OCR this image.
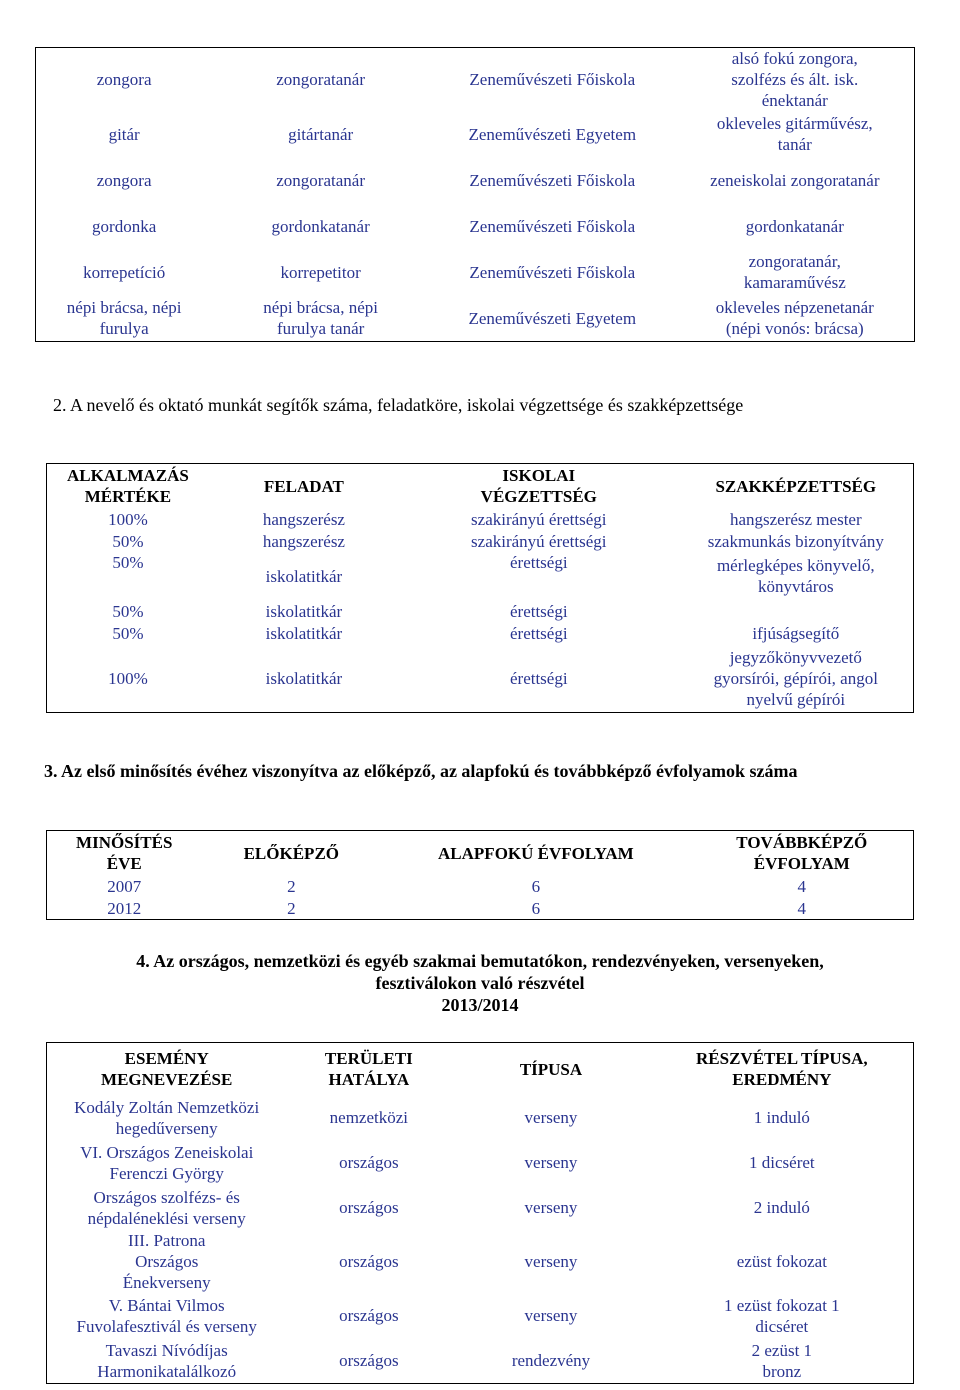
zongora	zongoratanár	Zeneművészeti Főiskola	alsó fokú zongora, szolfézs és ált. isk. énektanár
gitár	gitártanár	Zeneművészeti Egyetem	okleveles gitárművész, tanár
zongora	zongoratanár	Zeneművészeti Főiskola	zeneiskolai zongoratanár
gordonka	gordonkatanár	Zeneművészeti Főiskola	gordonkatanár
korrepetíció	korrepetitor	Zeneművészeti Főiskola	zongoratanár, kamaraművész
népi brácsa, népi furulya	népi brácsa, népi furulya tanár	Zeneművészeti Egyetem	okleveles népzenetanár (népi vonós: brácsa)
2. A nevelő és oktató munkát segítők száma, feladatköre, iskolai végzettsége és szakképzettsége
ALKALMAZÁS MÉRTÉKE	FELADAT	ISKOLAI VÉGZETTSÉG	SZAKKÉPZETTSÉG
100%	hangszerész	szakirányú érettségi	hangszerész mester
50%	hangszerész	szakirányú érettségi	szakmunkás bizonyítvány
50%	iskolatitkár	érettségi	mérlegképes könyvelő, könyvtáros
50%	iskolatitkár	érettségi	
50%	iskolatitkár	érettségi	ifjúságsegítő
100%	iskolatitkár	érettségi	jegyzőkönyvvezető gyorsírói, gépírói, angol nyelvű gépírói
3. Az első minősítés évéhez viszonyítva az előképző, az alapfokú és továbbképző évfolyamok száma
MINŐSÍTÉS ÉVE	ELŐKÉPZŐ	ALAPFOKÚ ÉVFOLYAM	TOVÁBBKÉPZŐ ÉVFOLYAM
2007	2	6	4
2012	2	6	4
4. Az országos, nemzetközi és egyéb szakmai bemutatókon, rendezvényeken, versenyeken,
fesztiválokon való részvétel
2013/2014
ESEMÉNY MEGNEVEZÉSE	TERÜLETI HATÁLYA	TÍPUSA	RÉSZVÉTEL TÍPUSA, EREDMÉNY
Kodály Zoltán Nemzetközi hegedűverseny	nemzetközi	verseny	1 induló
VI. Országos Zeneiskolai Ferenczi György	országos	verseny	1 dicséret
Országos szolfézs- és népdaléneklési verseny	országos	verseny	2 induló
III. Patrona Országos Énekverseny	országos	verseny	ezüst fokozat
V. Bántai Vilmos Fuvolafesztivál és verseny	országos	verseny	1 ezüst fokozat 1 dicséret
Tavaszi Nívódíjas Harmonikatalálkozó	országos	rendezvény	2 ezüst 1 bronz
